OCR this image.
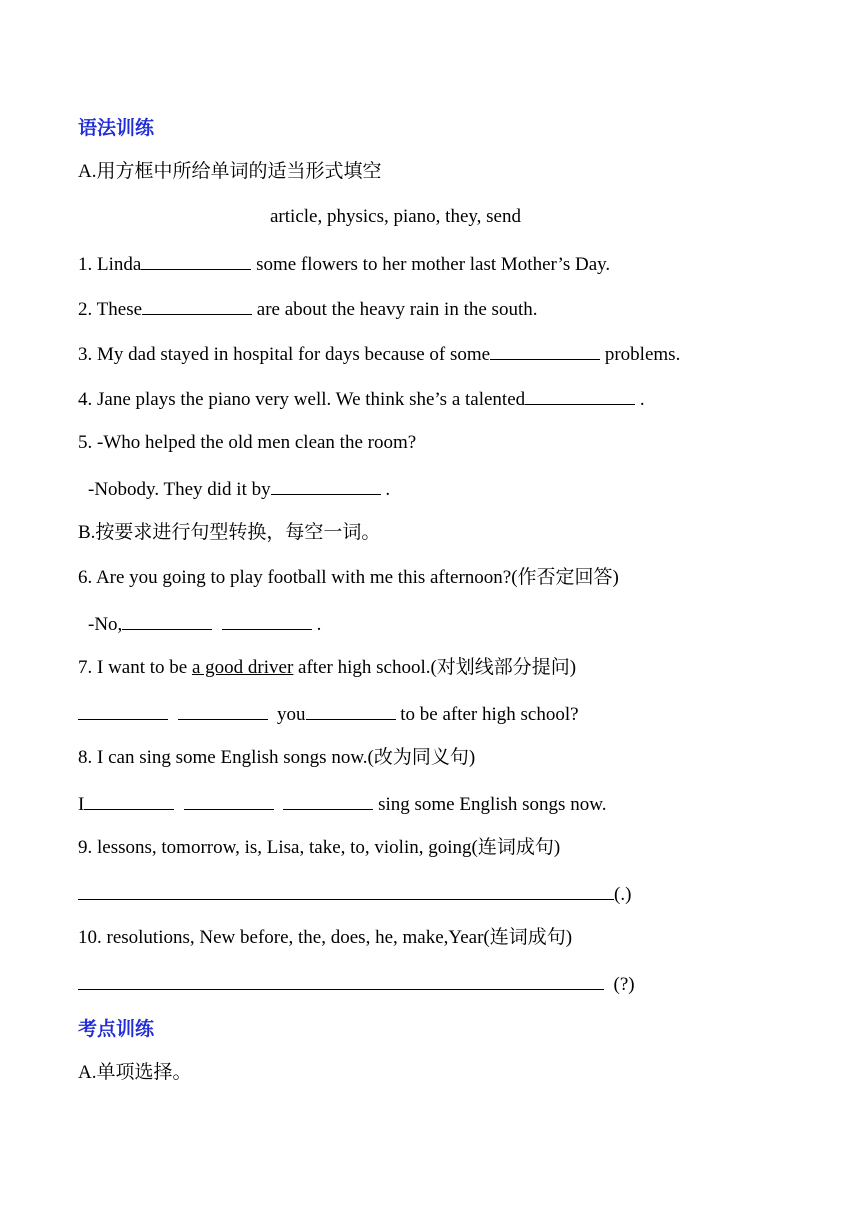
语法训练
A.用方框中所给单词的适当形式填空
article, physics, piano, they, send
1. Linda	some flowers to her mother last Mother’s Day.
2. These	are about the heavy rain in the south.
3. My dad stayed in hospital for days because of some	problems.
4. Jane plays the piano very well. We think she’s a talented	.
5. -Who helped the old men clean the room?
-Nobody. They did it by	.
B.按要求进行句型转换，每空一词。
6. Are you going to play football with me this afternoon?(作否定回答)
-No,	.
7. I want to be a good driver after high school.(对划线部分提问)
you	to be after high school?
8. I can sing some English songs now.(改为同义句)
I	sing some English songs now.
9. lessons, tomorrow, is, Lisa, take, to, violin, going(连词成句)
(.)
10. resolutions, New before, the, does, he, make,Year(连词成句)
(?)
考点训练
A.单项选择。
